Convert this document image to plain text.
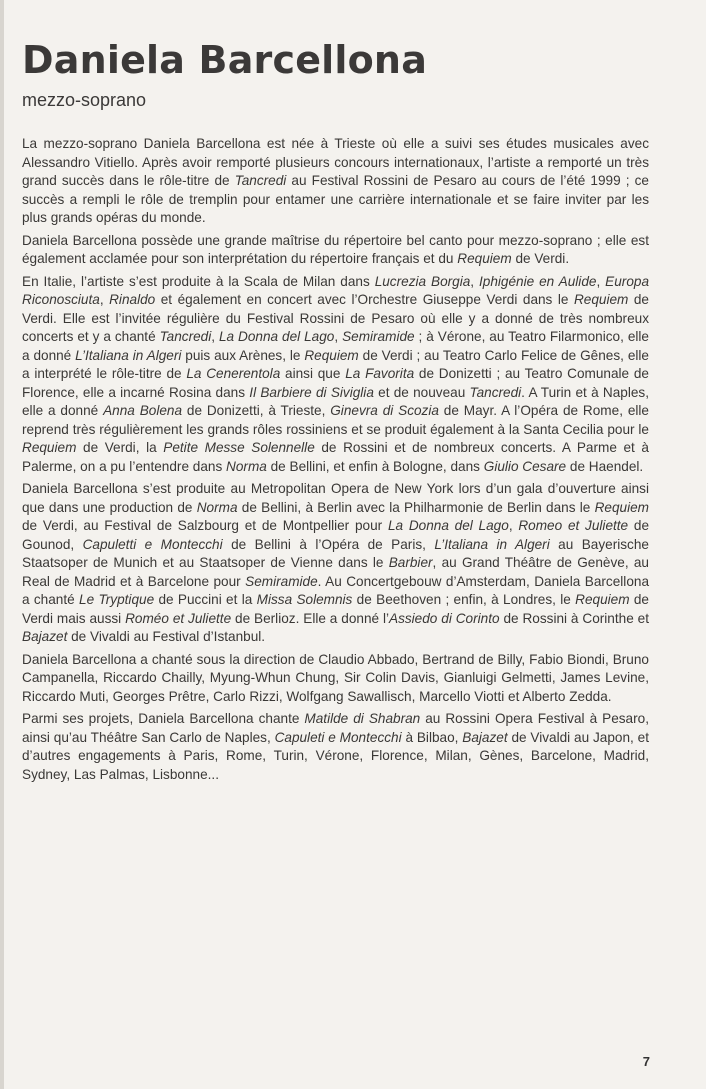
Daniela Barcellona
mezzo-soprano

La mezzo-soprano Daniela Barcellona est née à Trieste où elle a suivi ses études musicales avec Alessandro Vitiello. Après avoir remporté plusieurs concours internationaux, l’artiste a remporté un très grand succès dans le rôle-titre de Tancredi au Festival Rossini de Pesaro au cours de l’été 1999 ; ce succès a rempli le rôle de tremplin pour entamer une carrière internationale et se faire inviter par les plus grands opéras du monde.

Daniela Barcellona possède une grande maîtrise du répertoire bel canto pour mezzo-soprano ; elle est également acclamée pour son interprétation du répertoire français et du Requiem de Verdi.

En Italie, l’artiste s’est produite à la Scala de Milan dans Lucrezia Borgia, Iphigénie en Aulide, Europa Riconosciuta, Rinaldo et également en concert avec l’Orchestre Giuseppe Verdi dans le Requiem de Verdi. Elle est l’invitée régulière du Festival Rossini de Pesaro où elle y a donné de très nombreux concerts et y a chanté Tancredi, La Donna del Lago, Semiramide ; à Vérone, au Teatro Filarmonico, elle a donné L’Italiana in Algeri puis aux Arènes, le Requiem de Verdi ; au Teatro Carlo Felice de Gênes, elle a interprété le rôle-titre de La Cenerentola ainsi que La Favorita de Donizetti ; au Teatro Comunale de Florence, elle a incarné Rosina dans Il Barbiere di Siviglia et de nouveau Tancredi. A Turin et à Naples, elle a donné Anna Bolena de Donizetti, à Trieste, Ginevra di Scozia de Mayr. A l’Opéra de Rome, elle reprend très régulièrement les grands rôles rossiniens et se produit également à la Santa Cecilia pour le Requiem de Verdi, la Petite Messe Solennelle de Rossini et de nombreux concerts. A Parme et à Palerme, on a pu l’entendre dans Norma de Bellini, et enfin à Bologne, dans Giulio Cesare de Haendel.

Daniela Barcellona s’est produite au Metropolitan Opera de New York lors d’un gala d’ouverture ainsi que dans une production de Norma de Bellini, à Berlin avec la Philharmonie de Berlin dans le Requiem de Verdi, au Festival de Salzbourg et de Montpellier pour La Donna del Lago, Romeo et Juliette de Gounod, Capuletti e Montecchi de Bellini à l’Opéra de Paris, L’Italiana in Algeri au Bayerische Staatsoper de Munich et au Staatsoper de Vienne dans le Barbier, au Grand Théâtre de Genève, au Real de Madrid et à Barcelone pour Semiramide. Au Concertgebouw d’Amsterdam, Daniela Barcellona a chanté Le Tryptique de Puccini et la Missa Solemnis de Beethoven ; enfin, à Londres, le Requiem de Verdi mais aussi Roméo et Juliette de Berlioz. Elle a donné l’Assiedo di Corinto de Rossini à Corinthe et Bajazet de Vivaldi au Festival d’Istanbul.

Daniela Barcellona a chanté sous la direction de Claudio Abbado, Bertrand de Billy, Fabio Biondi, Bruno Campanella, Riccardo Chailly, Myung-Whun Chung, Sir Colin Davis, Gianluigi Gelmetti, James Levine, Riccardo Muti, Georges Prêtre, Carlo Rizzi, Wolfgang Sawallisch, Marcello Viotti et Alberto Zedda.

Parmi ses projets, Daniela Barcellona chante Matilde di Shabran au Rossini Opera Festival à Pesaro, ainsi qu’au Théâtre San Carlo de Naples, Capuleti e Montecchi à Bilbao, Bajazet de Vivaldi au Japon, et d’autres engagements à Paris, Rome, Turin, Vérone, Florence, Milan, Gènes, Barcelone, Madrid, Sydney, Las Palmas, Lisbonne...

7
